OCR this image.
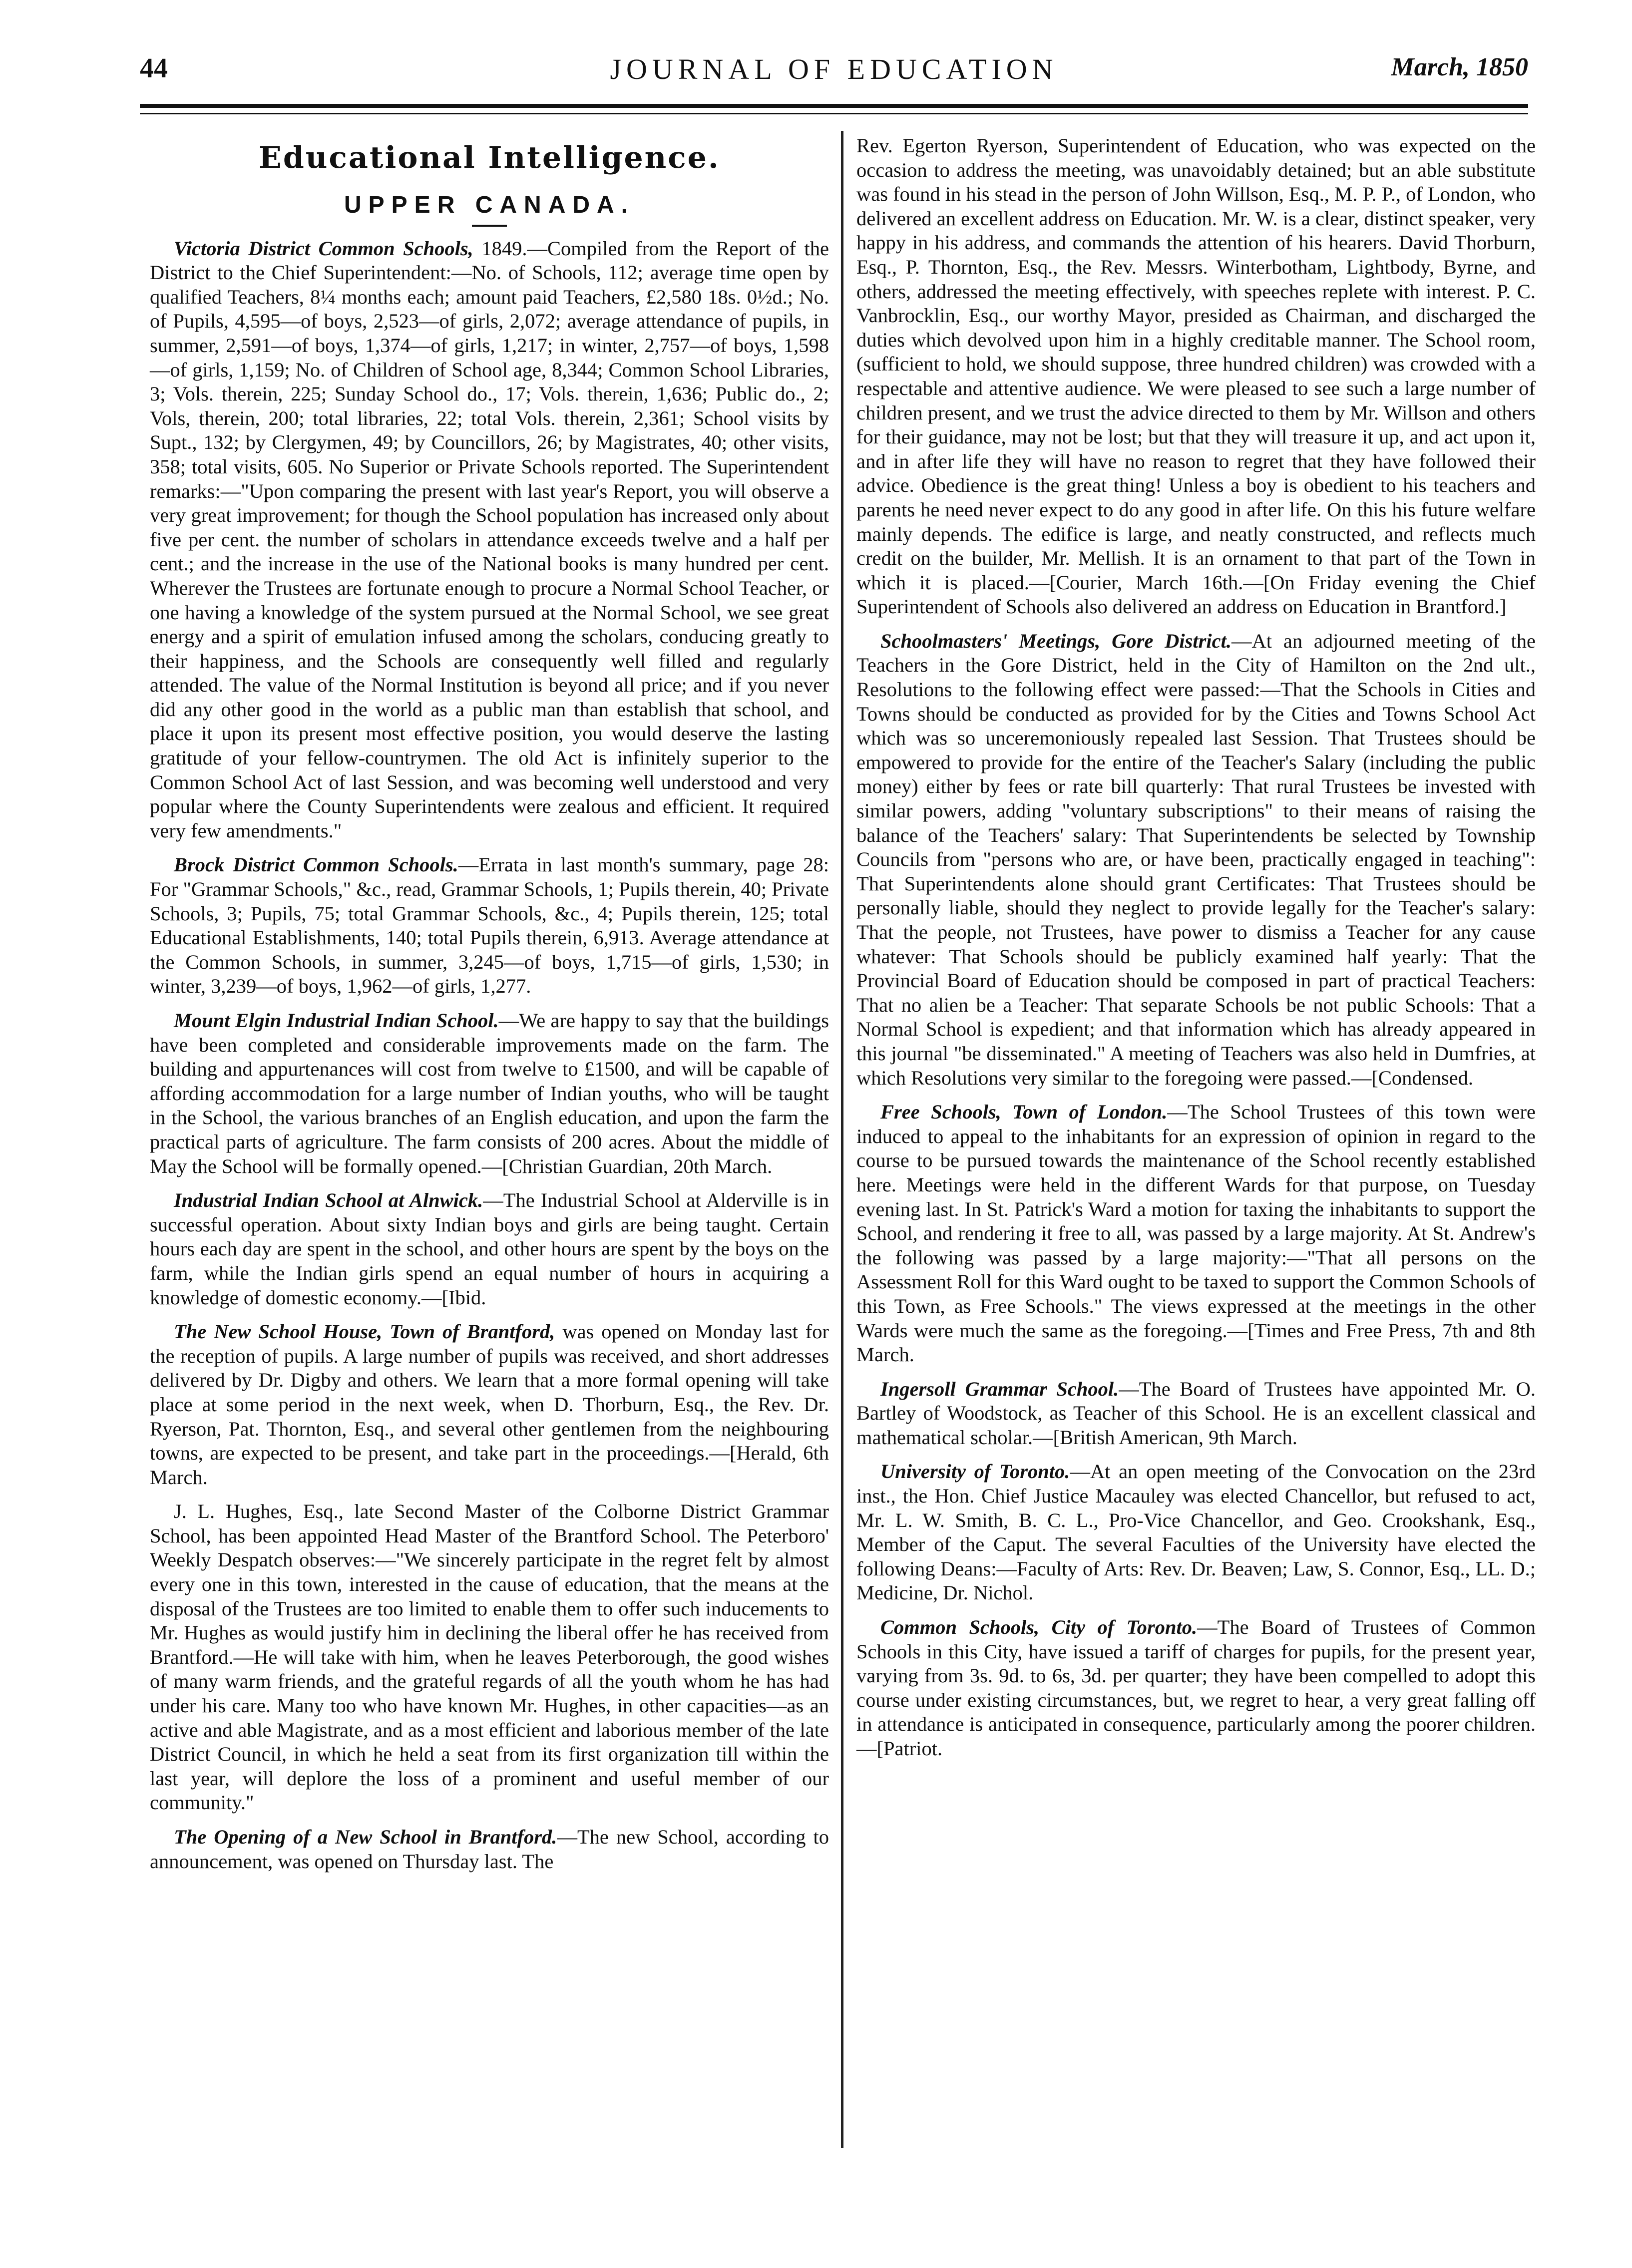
44	JOURNAL OF EDUCATION	March, 1850
Educational Intelligence.
UPPER CANADA.

Victoria District Common Schools, 1849.—Compiled from the Report of the District to the Chief Superintendent:—No. of Schools, 112; average time open by qualified Teachers, 8¼ months each; amount paid Teachers, £2,580 18s. 0½d.; No. of Pupils, 4,595—of boys, 2,523—of girls, 2,072; average attendance of pupils, in summer, 2,591—of boys, 1,374—of girls, 1,217; in winter, 2,757—of boys, 1,598—of girls, 1,159; No. of Children of School age, 8,344; Common School Libraries, 3; Vols. therein, 225; Sunday School do., 17; Vols. therein, 1,636; Public do., 2; Vols, therein, 200; total libraries, 22; total Vols. therein, 2,361; School visits by Supt., 132; by Clergymen, 49; by Councillors, 26; by Magistrates, 40; other visits, 358; total visits, 605. No Superior or Private Schools reported. The Superintendent remarks:—"Upon comparing the present with last year's Report, you will observe a very great improvement; for though the School population has increased only about five per cent. the number of scholars in attendance exceeds twelve and a half per cent.; and the increase in the use of the National books is many hundred per cent. Wherever the Trustees are fortunate enough to procure a Normal School Teacher, or one having a knowledge of the system pursued at the Normal School, we see great energy and a spirit of emulation infused among the scholars, conducing greatly to their happiness, and the Schools are consequently well filled and regularly attended. The value of the Normal Institution is beyond all price; and if you never did any other good in the world as a public man than establish that school, and place it upon its present most effective position, you would deserve the lasting gratitude of your fellow-countrymen. The old Act is infinitely superior to the Common School Act of last Session, and was becoming well understood and very popular where the County Superintendents were zealous and efficient. It required very few amendments."

Brock District Common Schools.—Errata in last month's summary, page 28: For "Grammar Schools," &c., read, Grammar Schools, 1; Pupils therein, 40; Private Schools, 3; Pupils, 75; total Grammar Schools, &c., 4; Pupils therein, 125; total Educational Establishments, 140; total Pupils therein, 6,913. Average attendance at the Common Schools, in summer, 3,245—of boys, 1,715—of girls, 1,530; in winter, 3,239—of boys, 1,962—of girls, 1,277.

Mount Elgin Industrial Indian School.—We are happy to say that the buildings have been completed and considerable improvements made on the farm. The building and appurtenances will cost from twelve to £1500, and will be capable of affording accommodation for a large number of Indian youths, who will be taught in the School, the various branches of an English education, and upon the farm the practical parts of agriculture. The farm consists of 200 acres. About the middle of May the School will be formally opened.—[Christian Guardian, 20th March.

Industrial Indian School at Alnwick.—The Industrial School at Alderville is in successful operation. About sixty Indian boys and girls are being taught. Certain hours each day are spent in the school, and other hours are spent by the boys on the farm, while the Indian girls spend an equal number of hours in acquiring a knowledge of domestic economy.—[Ibid.

The New School House, Town of Brantford, was opened on Monday last for the reception of pupils. A large number of pupils was received, and short addresses delivered by Dr. Digby and others. We learn that a more formal opening will take place at some period in the next week, when D. Thorburn, Esq., the Rev. Dr. Ryerson, Pat. Thornton, Esq., and several other gentlemen from the neighbouring towns, are expected to be present, and take part in the proceedings.—[Herald, 6th March.

J. L. Hughes, Esq., late Second Master of the Colborne District Grammar School, has been appointed Head Master of the Brantford School. The Peterboro' Weekly Despatch observes:—"We sincerely participate in the regret felt by almost every one in this town, interested in the cause of education, that the means at the disposal of the Trustees are too limited to enable them to offer such inducements to Mr. Hughes as would justify him in declining the liberal offer he has received from Brantford.—He will take with him, when he leaves Peterborough, the good wishes of many warm friends, and the grateful regards of all the youth whom he has had under his care. Many too who have known Mr. Hughes, in other capacities—as an active and able Magistrate, and as a most efficient and laborious member of the late District Council, in which he held a seat from its first organization till within the last year, will deplore the loss of a prominent and useful member of our community."

The Opening of a New School in Brantford.—The new School, according to announcement, was opened on Thursday last. The

Rev. Egerton Ryerson, Superintendent of Education, who was expected on the occasion to address the meeting, was unavoidably detained; but an able substitute was found in his stead in the person of John Willson, Esq., M. P. P., of London, who delivered an excellent address on Education. Mr. W. is a clear, distinct speaker, very happy in his address, and commands the attention of his hearers. David Thorburn, Esq., P. Thornton, Esq., the Rev. Messrs. Winterbotham, Lightbody, Byrne, and others, addressed the meeting effectively, with speeches replete with interest. P. C. Vanbrocklin, Esq., our worthy Mayor, presided as Chairman, and discharged the duties which devolved upon him in a highly creditable manner. The School room, (sufficient to hold, we should suppose, three hundred children) was crowded with a respectable and attentive audience. We were pleased to see such a large number of children present, and we trust the advice directed to them by Mr. Willson and others for their guidance, may not be lost; but that they will treasure it up, and act upon it, and in after life they will have no reason to regret that they have followed their advice. Obedience is the great thing! Unless a boy is obedient to his teachers and parents he need never expect to do any good in after life. On this his future welfare mainly depends. The edifice is large, and neatly constructed, and reflects much credit on the builder, Mr. Mellish. It is an ornament to that part of the Town in which it is placed.—[Courier, March 16th.—[On Friday evening the Chief Superintendent of Schools also delivered an address on Education in Brantford.]

Schoolmasters' Meetings, Gore District.—At an adjourned meeting of the Teachers in the Gore District, held in the City of Hamilton on the 2nd ult., Resolutions to the following effect were passed:—That the Schools in Cities and Towns should be conducted as provided for by the Cities and Towns School Act which was so unceremoniously repealed last Session. That Trustees should be empowered to provide for the entire of the Teacher's Salary (including the public money) either by fees or rate bill quarterly: That rural Trustees be invested with similar powers, adding "voluntary subscriptions" to their means of raising the balance of the Teachers' salary: That Superintendents be selected by Township Councils from "persons who are, or have been, practically engaged in teaching": That Superintendents alone should grant Certificates: That Trustees should be personally liable, should they neglect to provide legally for the Teacher's salary: That the people, not Trustees, have power to dismiss a Teacher for any cause whatever: That Schools should be publicly examined half yearly: That the Provincial Board of Education should be composed in part of practical Teachers: That no alien be a Teacher: That separate Schools be not public Schools: That a Normal School is expedient; and that information which has already appeared in this journal "be disseminated." A meeting of Teachers was also held in Dumfries, at which Resolutions very similar to the foregoing were passed.—[Condensed.

Free Schools, Town of London.—The School Trustees of this town were induced to appeal to the inhabitants for an expression of opinion in regard to the course to be pursued towards the maintenance of the School recently established here. Meetings were held in the different Wards for that purpose, on Tuesday evening last. In St. Patrick's Ward a motion for taxing the inhabitants to support the School, and rendering it free to all, was passed by a large majority. At St. Andrew's the following was passed by a large majority:—"That all persons on the Assessment Roll for this Ward ought to be taxed to support the Common Schools of this Town, as Free Schools." The views expressed at the meetings in the other Wards were much the same as the foregoing.—[Times and Free Press, 7th and 8th March.

Ingersoll Grammar School.—The Board of Trustees have appointed Mr. O. Bartley of Woodstock, as Teacher of this School. He is an excellent classical and mathematical scholar.—[British American, 9th March.

University of Toronto.—At an open meeting of the Convocation on the 23rd inst., the Hon. Chief Justice Macauley was elected Chancellor, but refused to act, Mr. L. W. Smith, B. C. L., Pro-Vice Chancellor, and Geo. Crookshank, Esq., Member of the Caput. The several Faculties of the University have elected the following Deans:—Faculty of Arts: Rev. Dr. Beaven; Law, S. Connor, Esq., LL. D.; Medicine, Dr. Nichol.

Common Schools, City of Toronto.—The Board of Trustees of Common Schools in this City, have issued a tariff of charges for pupils, for the present year, varying from 3s. 9d. to 6s, 3d. per quarter; they have been compelled to adopt this course under existing circumstances, but, we regret to hear, a very great falling off in attendance is anticipated in consequence, particularly among the poorer children.—[Patriot.
